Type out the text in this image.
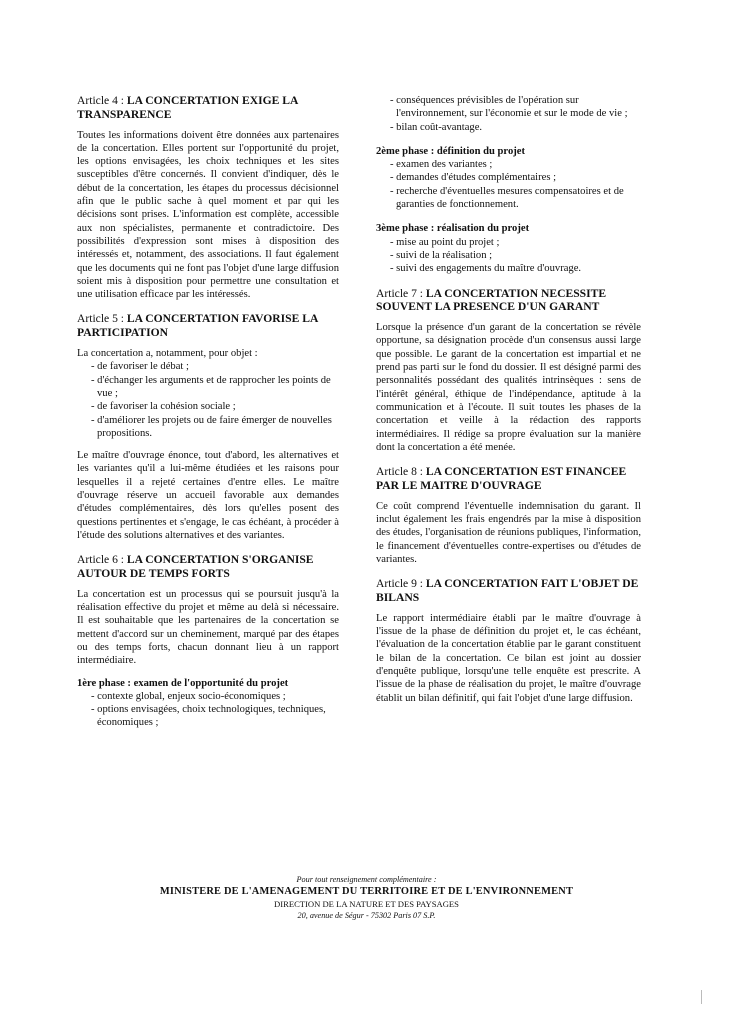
Article 4 : LA CONCERTATION EXIGE LA TRANSPARENCE

Toutes les informations doivent être données aux partenaires de la concertation. Elles portent sur l'opportunité du projet, les options envisagées, les choix techniques et les sites susceptibles d'être concernés. Il convient d'indiquer, dès le début de la concertation, les étapes du processus décisionnel afin que le public sache à quel moment et par qui les décisions sont prises. L'information est complète, accessible aux non spécialistes, permanente et contradictoire. Des possibilités d'expression sont mises à disposition des intéressés et, notamment, des associations. Il faut également que les documents qui ne font pas l'objet d'une large diffusion soient mis à disposition pour permettre une consultation et une utilisation efficace par les intéressés.

Article 5 : LA CONCERTATION FAVORISE LA PARTICIPATION

La concertation a, notamment, pour objet :

- de favoriser le débat ;
- d'échanger les arguments et de rapprocher les points de vue ;
- de favoriser la cohésion sociale ;
- d'améliorer les projets ou de faire émerger de nouvelles propositions.

Le maître d'ouvrage énonce, tout d'abord, les alternatives et les variantes qu'il a lui-même étudiées et les raisons pour lesquelles il a rejeté certaines d'entre elles. Le maître d'ouvrage réserve un accueil favorable aux demandes d'études complémentaires, dès lors qu'elles posent des questions pertinentes et s'engage, le cas échéant, à procéder à l'étude des solutions alternatives et des variantes.

Article 6 : LA CONCERTATION S'ORGANISE AUTOUR DE TEMPS FORTS

La concertation est un processus qui se poursuit jusqu'à la réalisation effective du projet et même au delà si nécessaire. Il est souhaitable que les partenaires de la concertation se mettent d'accord sur un cheminement, marqué par des étapes ou des temps forts, chacun donnant lieu à un rapport intermédiaire.

1ère phase : examen de l'opportunité du projet

- contexte global, enjeux socio-économiques ;
- options envisagées, choix technologiques, techniques, économiques ;
- conséquences prévisibles de l'opération sur l'environnement, sur l'économie et sur le mode de vie ;
- bilan coût-avantage.

2ème phase : définition du projet

- examen des variantes ;
- demandes d'études complémentaires ;
- recherche d'éventuelles mesures compensatoires et de garanties de fonctionnement.

3ème phase : réalisation du projet

- mise au point du projet ;
- suivi de la réalisation ;
- suivi des engagements du maître d'ouvrage.

Article 7 : LA CONCERTATION NECESSITE SOUVENT LA PRESENCE D'UN GARANT

Lorsque la présence d'un garant de la concertation se révèle opportune, sa désignation procède d'un consensus aussi large que possible. Le garant de la concertation est impartial et ne prend pas parti sur le fond du dossier. Il est désigné parmi des personnalités possédant des qualités intrinsèques : sens de l'intérêt général, éthique de l'indépendance, aptitude à la communication et à l'écoute. Il suit toutes les phases de la concertation et veille à la rédaction des rapports intermédiaires. Il rédige sa propre évaluation sur la manière dont la concertation a été menée.

Article 8 : LA CONCERTATION EST FINANCEE PAR LE MAITRE D'OUVRAGE

Ce coût comprend l'éventuelle indemnisation du garant. Il inclut également les frais engendrés par la mise à disposition des études, l'organisation de réunions publiques, l'information, le financement d'éventuelles contre-expertises ou d'études de variantes.

Article 9 : LA CONCERTATION FAIT L'OBJET DE BILANS

Le rapport intermédiaire établi par le maître d'ouvrage à l'issue de la phase de définition du projet et, le cas échéant, l'évaluation de la concertation établie par le garant constituent le bilan de la concertation. Ce bilan est joint au dossier d'enquête publique, lorsqu'une telle enquête est prescrite. A l'issue de la phase de réalisation du projet, le maître d'ouvrage établit un bilan définitif, qui fait l'objet d'une large diffusion.

Pour tout renseignement complémentaire :
MINISTERE DE L'AMENAGEMENT DU TERRITOIRE ET DE L'ENVIRONNEMENT
DIRECTION DE LA NATURE ET DES PAYSAGES
20, avenue de Ségur - 75302 Paris 07 S.P.
